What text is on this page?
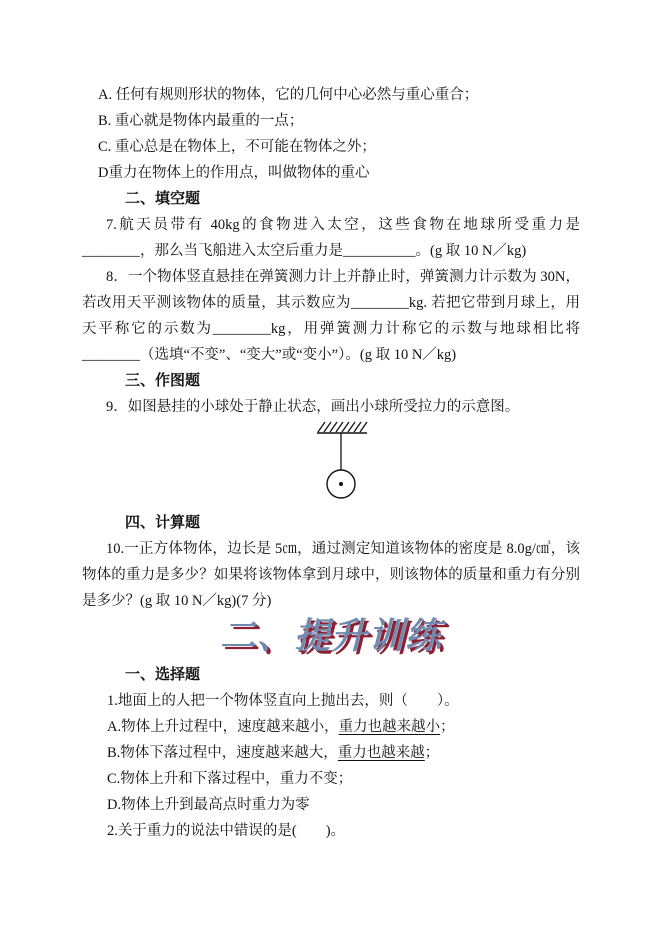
A. 任何有规则形状的物体，它的几何中心必然与重心重合；
B. 重心就是物体内最重的一点；
C. 重心总是在物体上，不可能在物体之外；
D重力在物体上的作用点，叫做物体的重心
二、填空题
7.航天员带有 40kg的食物进入太空，这些食物在地球所受重力是________，那么当飞船进入太空后重力是__________。(g 取 10 N／kg)
8．一个物体竖直悬挂在弹簧测力计上并静止时，弹簧测力计示数为 30N，若改用天平测该物体的质量，其示数应为________kg. 若把它带到月球上，用天平称它的示数为________kg，用弹簧测力计称它的示数与地球相比将________（选填“不变”、“变大”或“变小”）。(g 取 10 N／kg)
三、作图题
9．如图悬挂的小球处于静止状态，画出小球所受拉力的示意图。
四、计算题
10.一正方体物体，边长是 5㎝，通过测定知道该物体的密度是 8.0g/㎤，该物体的重力是多少？如果将该物体拿到月球中，则该物体的质量和重力有分别是多少？(g 取 10 N／kg)(7 分)
二、提升训练
一、选择题
1.地面上的人把一个物体竖直向上抛出去，则（　　）。
A.物体上升过程中，速度越来越小，重力也越来越小；
B.物体下落过程中，速度越来越大，重力也越来越；
C.物体上升和下落过程中，重力不变；
D.物体上升到最高点时重力为零
2.关于重力的说法中错误的是(　　)。
